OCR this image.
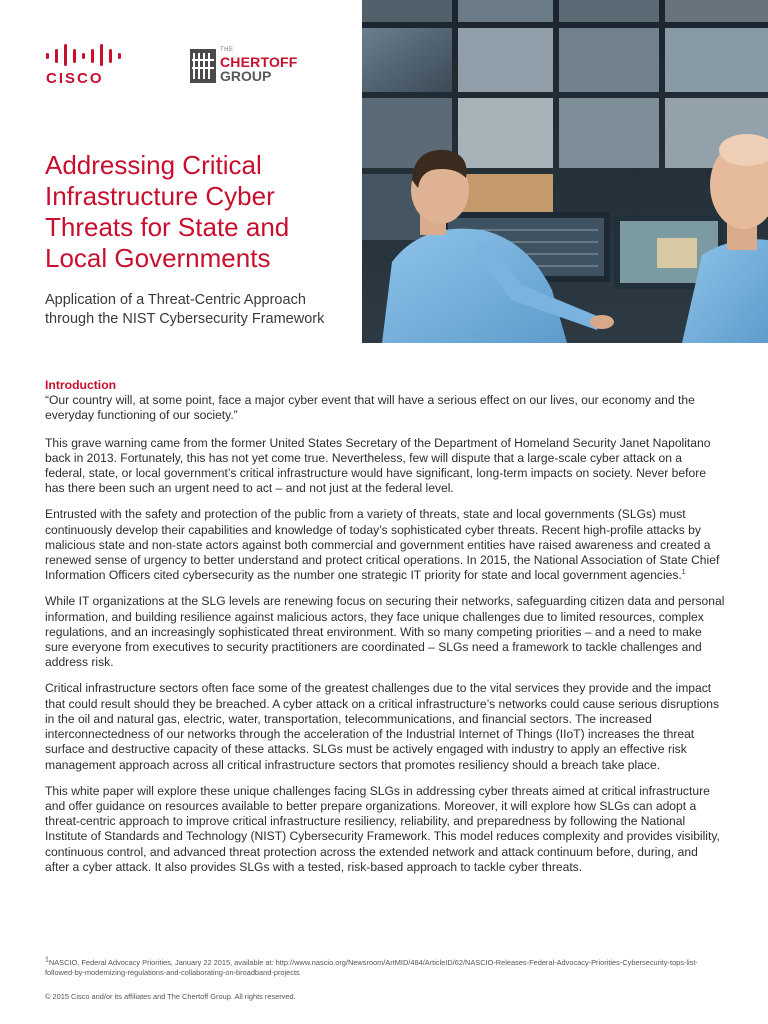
CISCO
THE
CHERTOFF
GROUP
Addressing Critical Infrastructure Cyber Threats for State and Local Governments
Application of a Threat-Centric Approach through the NIST Cybersecurity Framework
Introduction

“Our country will, at some point, face a major cyber event that will have a serious effect on our lives, our economy and the everyday functioning of our society.”

This grave warning came from the former United States Secretary of the Department of Homeland Security Janet Napolitano back in 2013. Fortunately, this has not yet come true. Nevertheless, few will dispute that a large-scale cyber attack on a federal, state, or local government’s critical infrastructure would have significant, long-term impacts on society. Never before has there been such an urgent need to act – and not just at the federal level.

Entrusted with the safety and protection of the public from a variety of threats, state and local governments (SLGs) must continuously develop their capabilities and knowledge of today’s sophisticated cyber threats. Recent high-profile attacks by malicious state and non-state actors against both commercial and government entities have raised awareness and created a renewed sense of urgency to better understand and protect critical operations. In 2015, the National Association of State Chief Information Officers cited cybersecurity as the number one strategic IT priority for state and local government agencies.$^1$

While IT organizations at the SLG levels are renewing focus on securing their networks, safeguarding citizen data and personal information, and building resilience against malicious actors, they face unique challenges due to limited resources, complex regulations, and an increasingly sophisticated threat environment. With so many competing priorities – and a need to make sure everyone from executives to security practitioners are coordinated – SLGs need a framework to tackle challenges and address risk.

Critical infrastructure sectors often face some of the greatest challenges due to the vital services they provide and the impact that could result should they be breached. A cyber attack on a critical infrastructure’s networks could cause serious disruptions in the oil and natural gas, electric, water, transportation, telecommunications, and financial sectors. The increased interconnectedness of our networks through the acceleration of the Industrial Internet of Things (IIoT) increases the threat surface and destructive capacity of these attacks. SLGs must be actively engaged with industry to apply an effective risk management approach across all critical infrastructure sectors that promotes resiliency should a breach take place.

This white paper will explore these unique challenges facing SLGs in addressing cyber threats aimed at critical infrastructure and offer guidance on resources available to better prepare organizations. Moreover, it will explore how SLGs can adopt a threat-centric approach to improve critical infrastructure resiliency, reliability, and preparedness by following the National Institute of Standards and Technology (NIST) Cybersecurity Framework. This model reduces complexity and provides visibility, continuous control, and advanced threat protection across the extended network and attack continuum before, during, and after a cyber attack. It also provides SLGs with a tested, risk-based approach to tackle cyber threats.

$^1$NASCIO, Federal Advocacy Priorities, January 22 2015, available at: http://www.nascio.org/Newsroom/ArtMID/484/ArticleID/62/NASCIO-Releases-Federal-Advocacy-Priorities-Cybersecurity-tops-list-followed-by-modernizing-regulations-and-collaborating-on-broadband-projects
© 2015 Cisco and/or its affiliates and The Chertoff Group. All rights reserved.
